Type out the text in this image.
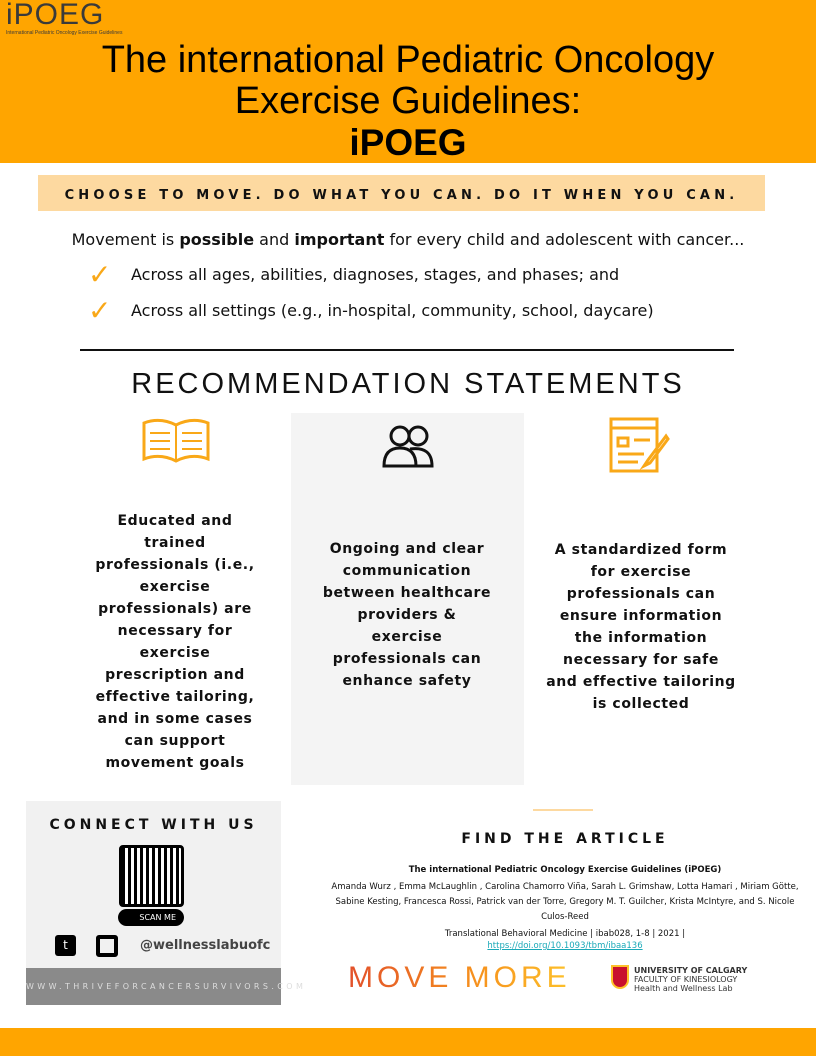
iPOEG
International Pediatric Oncology Exercise Guidelines
The international Pediatric Oncology
Exercise Guidelines:
iPOEG
CHOOSE TO MOVE. DO WHAT YOU CAN. DO IT WHEN YOU CAN.
Movement is possible and important for every child and adolescent with cancer...
✓ Across all ages, abilities, diagnoses, stages, and phases; and
✓ Across all settings (e.g., in-hospital, community, school, daycare)
RECOMMENDATION STATEMENTS
Educated and trained professionals (i.e., exercise professionals) are necessary for exercise prescription and effective tailoring, and in some cases can support movement goals
Ongoing and clear communication between healthcare providers & exercise professionals can enhance safety
A standardized form for exercise professionals can ensure information the information necessary for safe and effective tailoring is collected
CONNECT WITH US
SCAN ME
t	@wellnesslabuofc
WWW.THRIVEFORCANCERSURVIVORS.COM
FIND THE ARTICLE
The international Pediatric Oncology Exercise Guidelines (iPOEG)
Amanda Wurz , Emma McLaughlin , Carolina Chamorro Viña, Sarah L. Grimshaw, Lotta Hamari , Miriam Götte, Sabine Kesting, Francesca Rossi, Patrick van der Torre, Gregory M. T. Guilcher, Krista McIntyre, and S. Nicole Culos-Reed
Translational Behavioral Medicine | ibab028, 1-8 | 2021 |
https://doi.org/10.1093/tbm/ibaa136
MOVE MORE	UNIVERSITY OF CALGARY
FACULTY OF KINESIOLOGY
Health and Wellness Lab
